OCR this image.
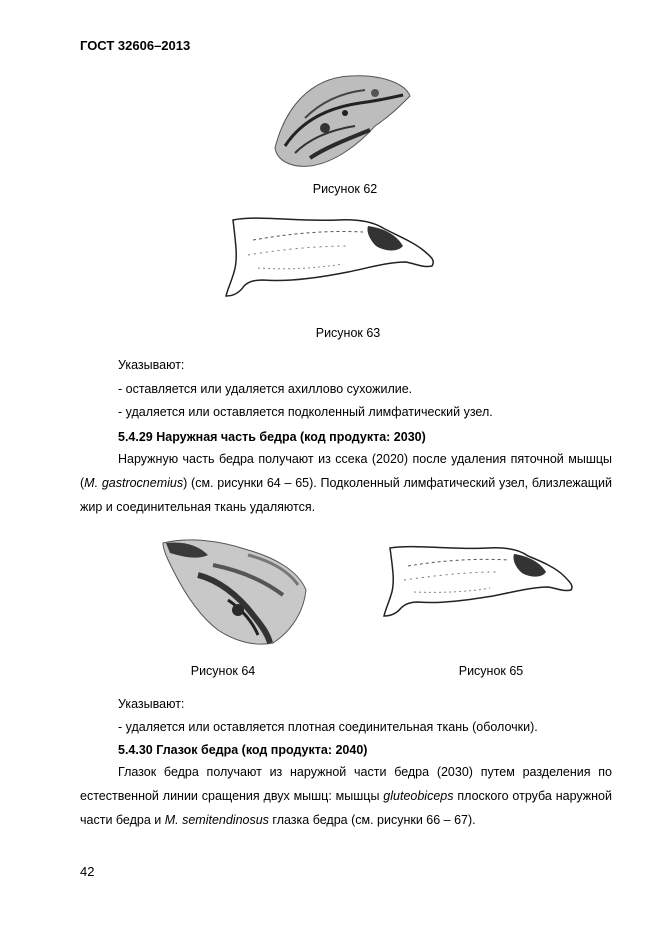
ГОСТ 32606–2013
Рисунок 62
Рисунок 63
Указывают:
- оставляется или удаляется ахиллово сухожилие.
- удаляется или оставляется подколенный лимфатический узел.
5.4.29 Наружная часть бедра (код продукта: 2030)
Наружную часть бедра получают из ссека (2020) после удаления пяточной мышцы (M. gastrocnemius) (см. рисунки 64 – 65). Подколенный лимфатический узел, близлежащий жир и соединительная ткань удаляются.
Рисунок 64	Рисунок 65
Указывают:
- удаляется или оставляется плотная соединительная ткань (оболочки).
5.4.30 Глазок бедра (код продукта: 2040)
Глазок бедра получают из наружной части бедра (2030) путем разделения по естественной линии сращения двух мышц: мышцы gluteobiceps плоского отруба наружной части бедра и M. semitendinosus глазка бедра (см. рисунки 66 – 67).
42
